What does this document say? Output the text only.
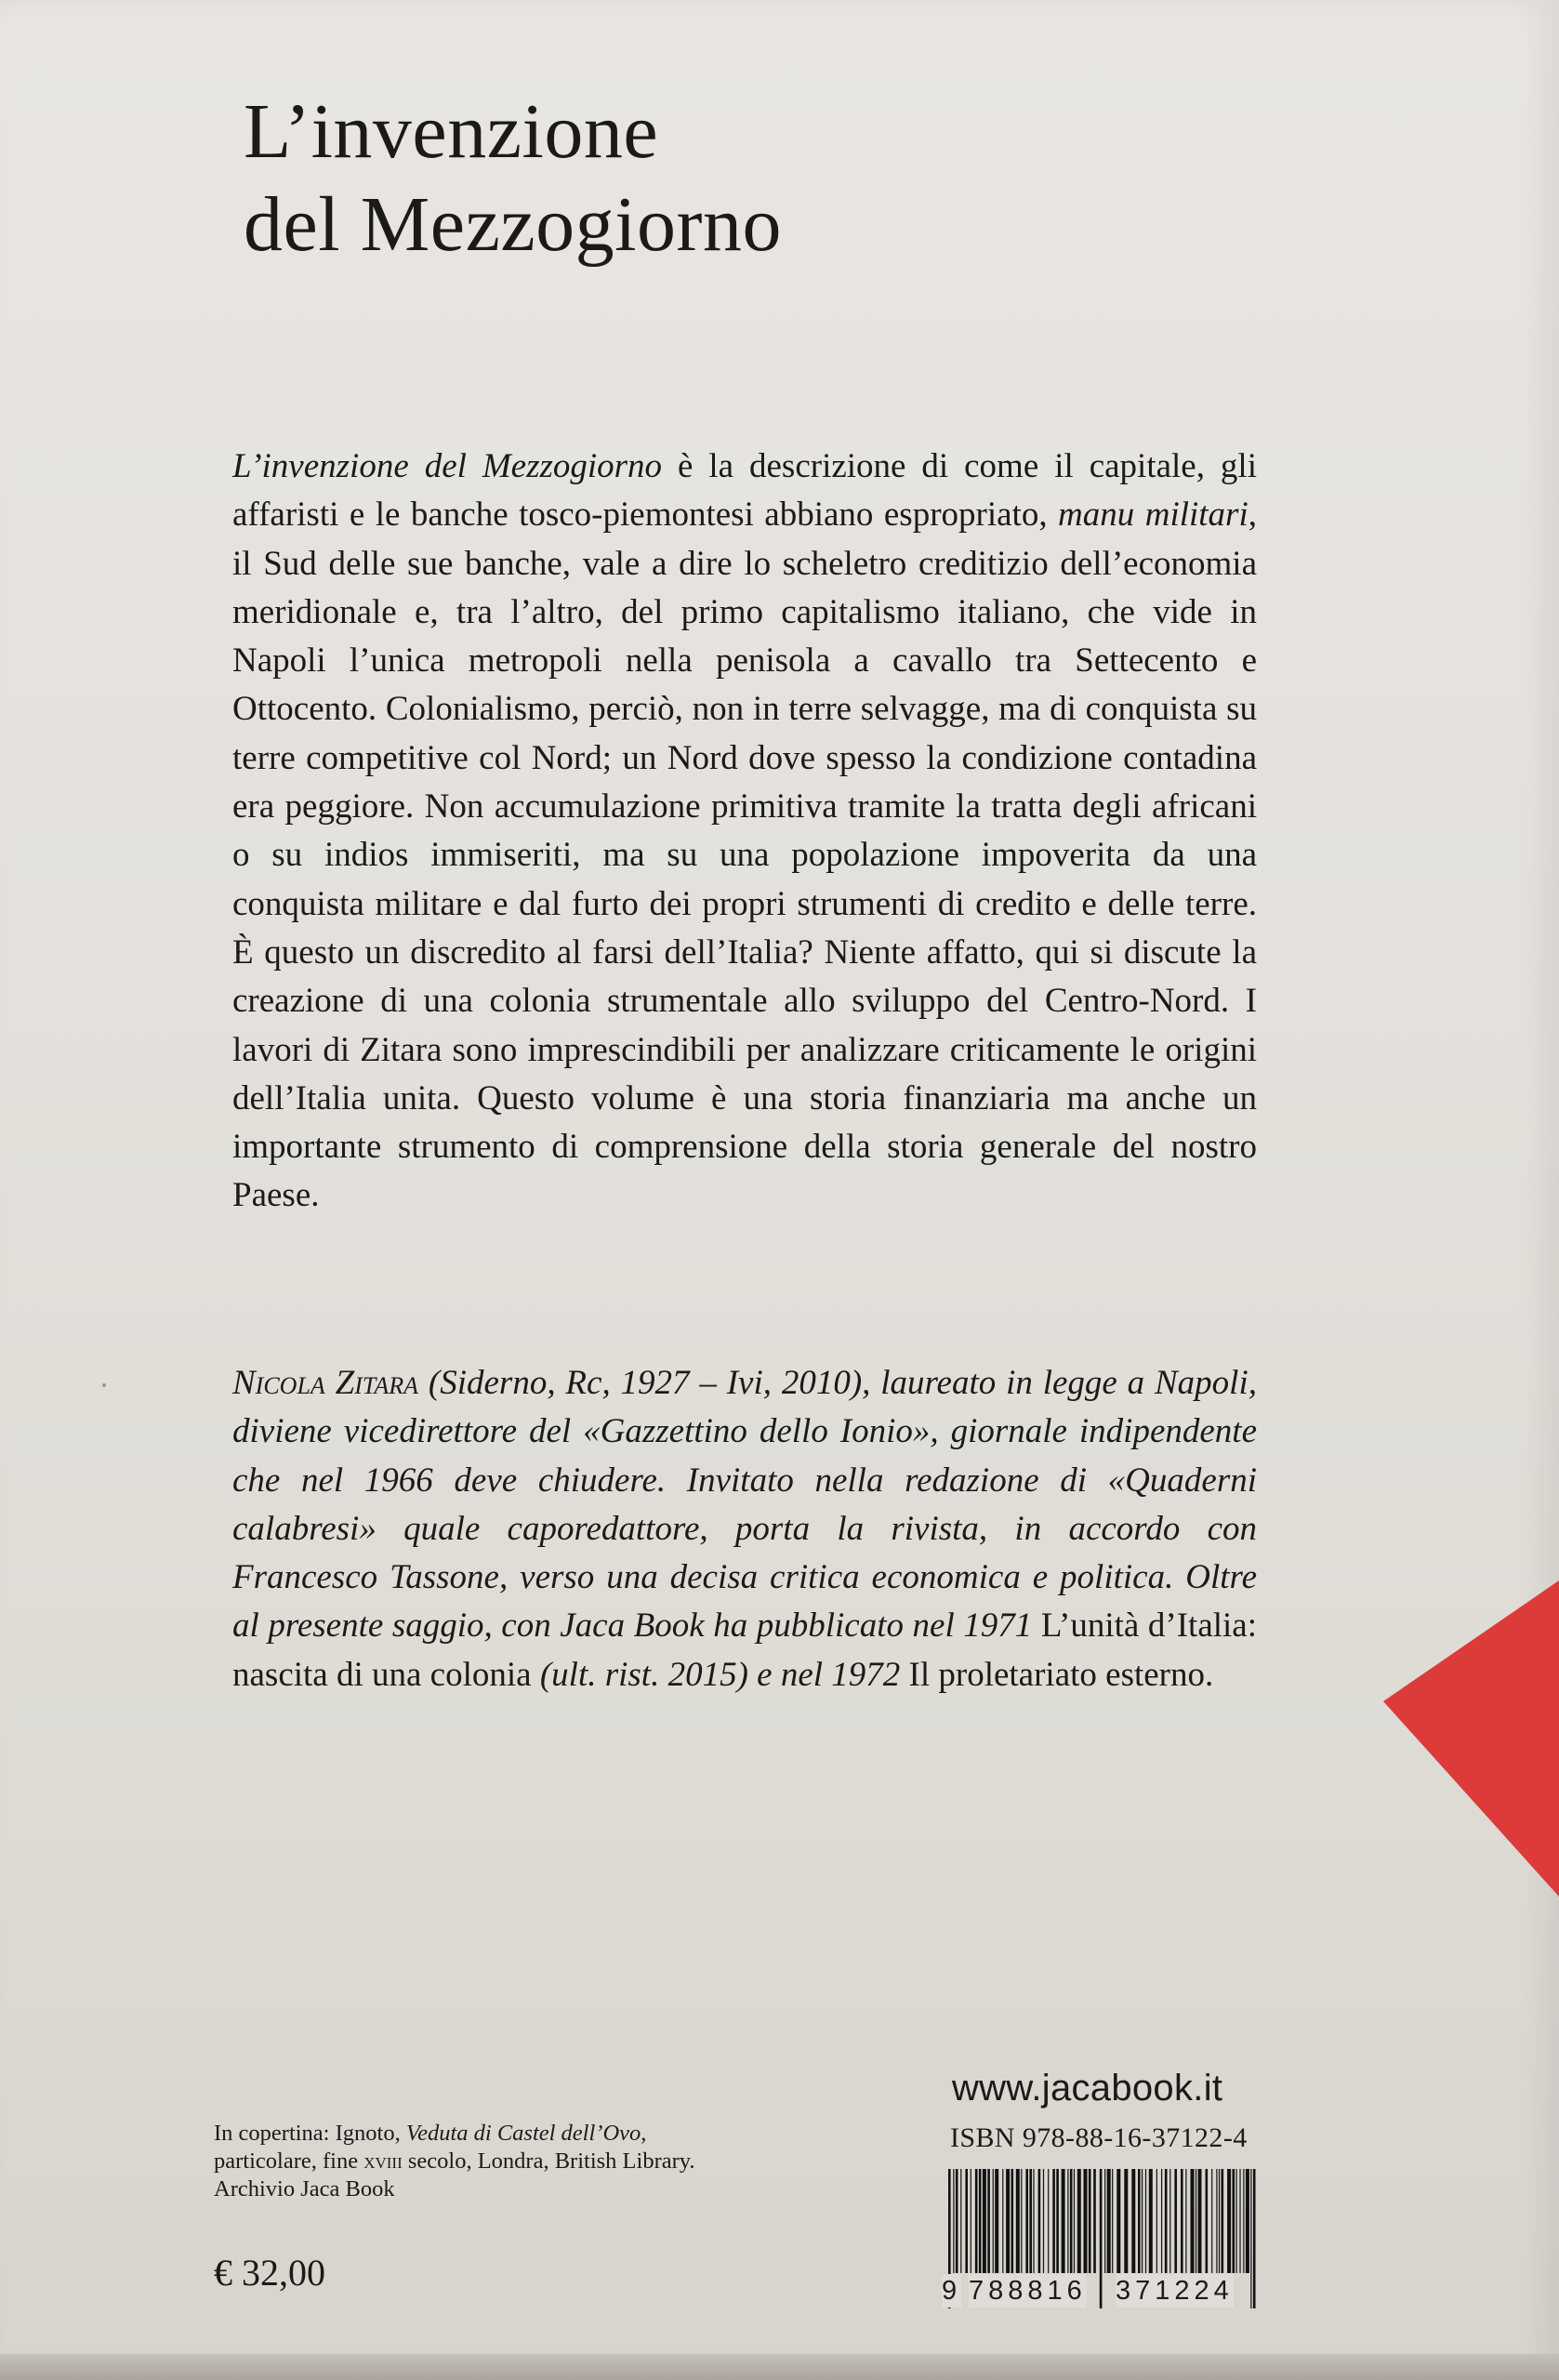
L’invenzione
del Mezzogiorno

L’invenzione del Mezzogiorno è la descrizione di come il capitale, gli affaristi e le banche tosco-piemontesi abbiano espropriato, manu militari, il Sud delle sue banche, vale a dire lo scheletro creditizio dell’economia meridionale e, tra l’altro, del primo capitalismo italiano, che vide in Napoli l’unica metropoli nella penisola a cavallo tra Settecento e Ottocento. Colonialismo, perciò, non in terre selvagge, ma di conquista su terre competitive col Nord; un Nord dove spesso la condizione contadina era peggiore. Non accumulazione primitiva tramite la tratta degli africani o su indios immiseriti, ma su una popolazione impoverita da una conquista militare e dal furto dei propri strumenti di credito e delle terre. È questo un discredito al farsi dell’Italia? Niente affatto, qui si discute la creazione di una colonia strumentale allo sviluppo del Centro-Nord. I lavori di Zitara sono imprescindibili per analizzare criticamente le origini dell’Italia unita. Questo volume è una storia finanziaria ma anche un importante strumento di comprensione della storia generale del nostro Paese.

Nicola Zitara (Siderno, Rc, 1927 – Ivi, 2010), laureato in legge a Napoli, diviene vicedirettore del «Gazzettino dello Ionio», giornale indipendente che nel 1966 deve chiudere. Invitato nella redazione di «Quaderni calabresi» quale caporedattore, porta la rivista, in accordo con Francesco Tassone, verso una decisa critica economica e politica. Oltre al presente saggio, con Jaca Book ha pubblicato nel 1971 L’unità d’Italia: nascita di una colonia (ult. rist. 2015) e nel 1972 Il proletariato esterno.

In copertina: Ignoto, Veduta di Castel dell’Ovo,
particolare, fine xviii secolo, Londra, British Library.
Archivio Jaca Book
€ 32,00
www.jacabook.it
ISBN 978-88-16-37122-4
9 788816 371224
